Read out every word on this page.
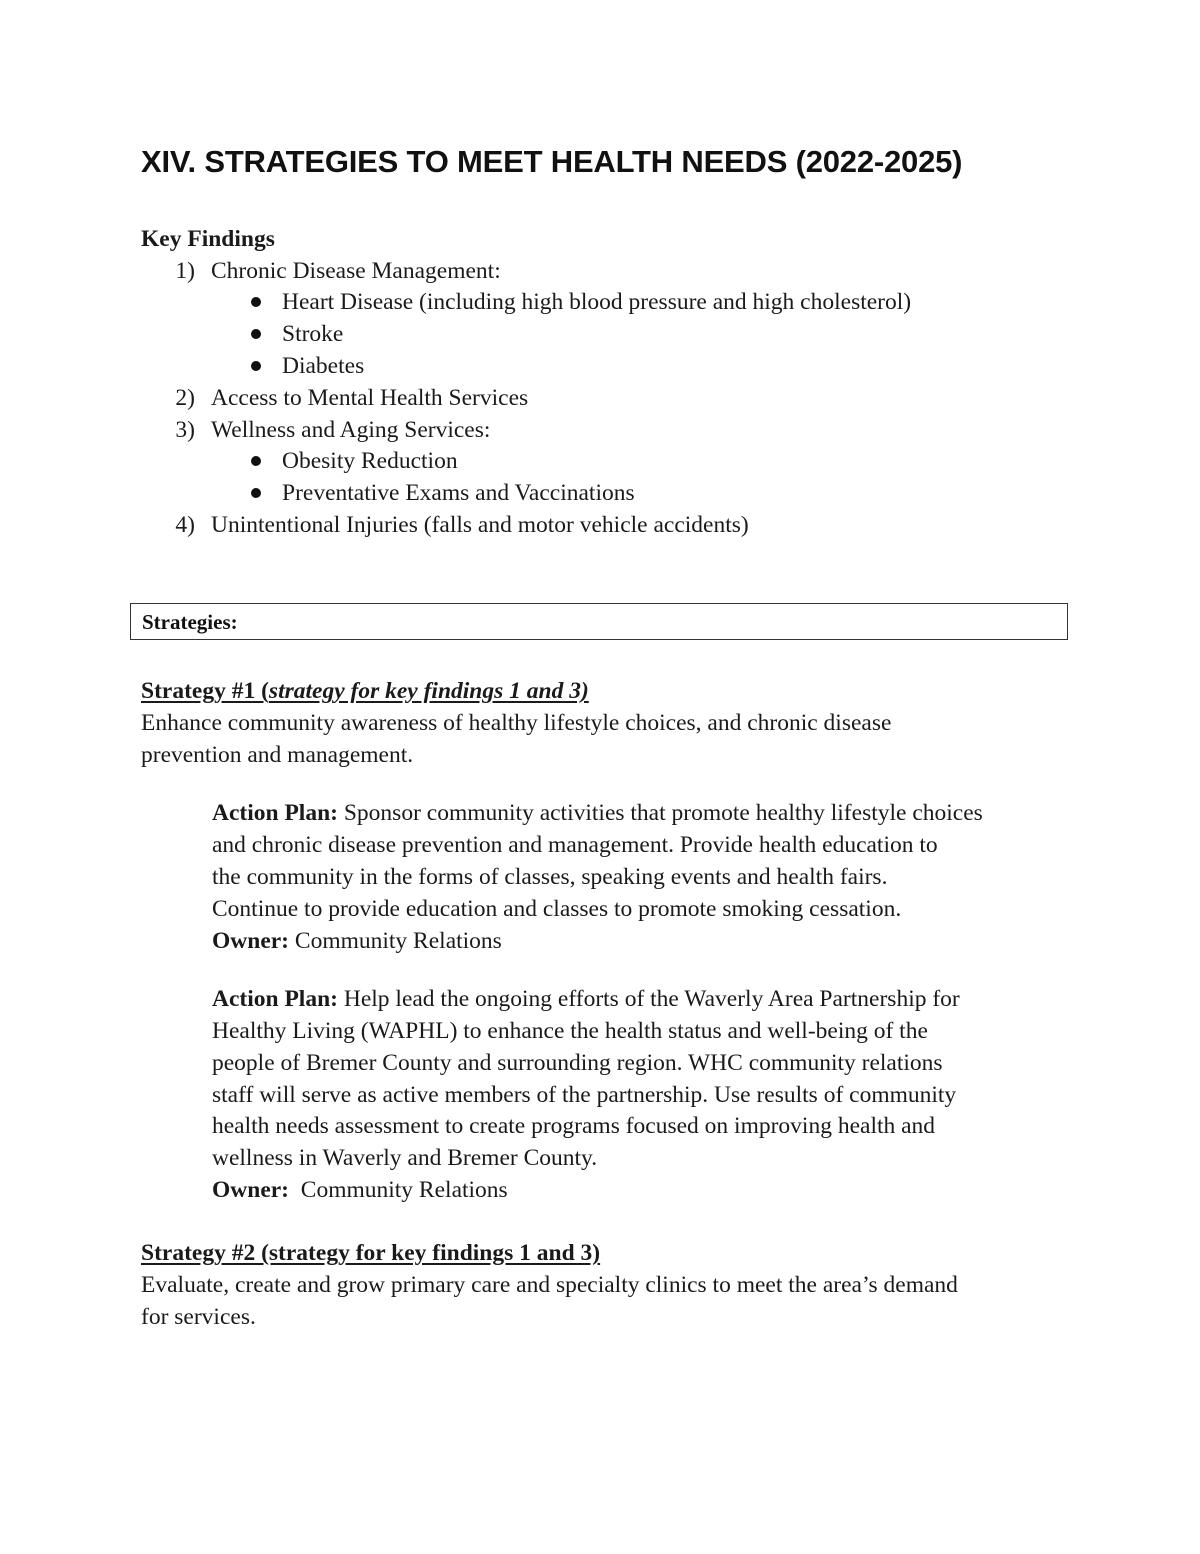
XIV. STRATEGIES TO MEET HEALTH NEEDS (2022-2025)
Key Findings
1) Chronic Disease Management:
Heart Disease (including high blood pressure and high cholesterol)
Stroke
Diabetes
2) Access to Mental Health Services
3) Wellness and Aging Services:
Obesity Reduction
Preventative Exams and Vaccinations
4) Unintentional Injuries (falls and motor vehicle accidents)
Strategies:
Strategy #1 (strategy for key findings 1 and 3)
Enhance community awareness of healthy lifestyle choices, and chronic disease
prevention and management.
Action Plan: Sponsor community activities that promote healthy lifestyle choices
and chronic disease prevention and management. Provide health education to
the community in the forms of classes, speaking events and health fairs.
Continue to provide education and classes to promote smoking cessation.
Owner: Community Relations
Action Plan: Help lead the ongoing efforts of the Waverly Area Partnership for
Healthy Living (WAPHL) to enhance the health status and well-being of the
people of Bremer County and surrounding region. WHC community relations
staff will serve as active members of the partnership. Use results of community
health needs assessment to create programs focused on improving health and
wellness in Waverly and Bremer County.
Owner: Community Relations
Strategy #2 (strategy for key findings 1 and 3)
Evaluate, create and grow primary care and specialty clinics to meet the area’s demand
for services.
